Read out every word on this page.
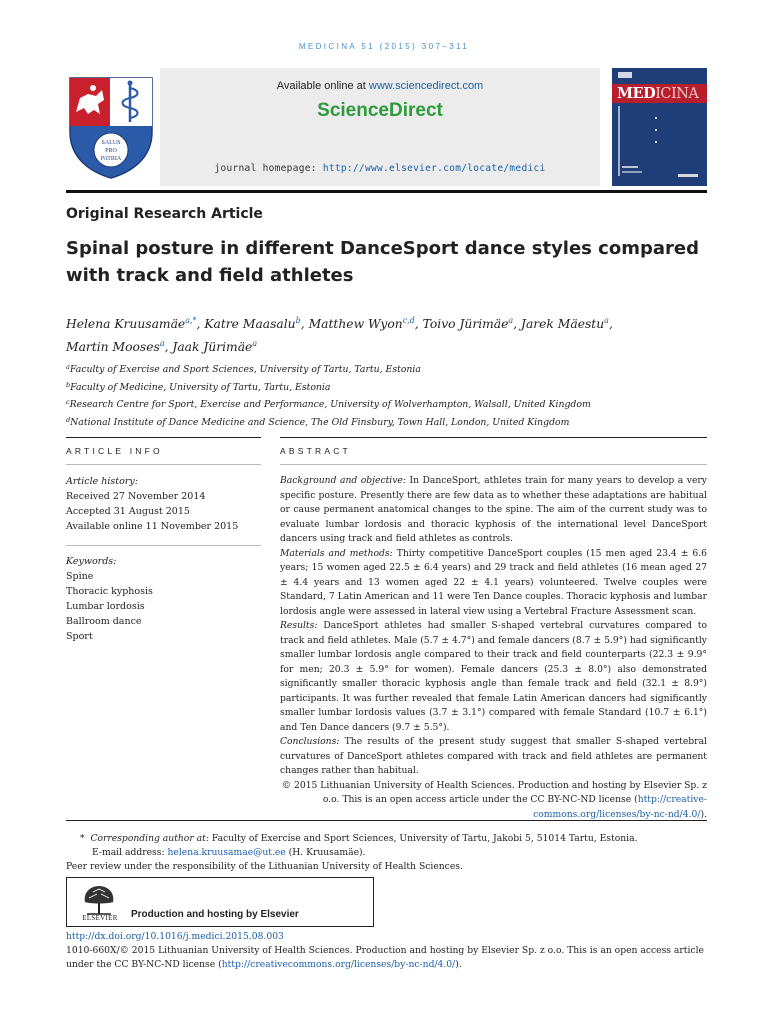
MEDICINA 51 (2015) 307–311
SALUS
PRO
PATRIA
Available online at www.sciencedirect.com
ScienceDirect
journal homepage: http://www.elsevier.com/locate/medici
MEDICINA
Original Research Article
Spinal posture in different DanceSport dance styles compared with track and field athletes
Helena Kruusamäe$^{a,*}$, Katre Maasalu$^b$, Matthew Wyon$^{c,d}$, Toivo Jürimäe$^a$, Jarek Mäestu$^a$,
Martin Mooses$^a$, Jaak Jürimäe$^a$
$^a$Faculty of Exercise and Sport Sciences, University of Tartu, Tartu, Estonia
$^b$Faculty of Medicine, University of Tartu, Tartu, Estonia
$^c$Research Centre for Sport, Exercise and Performance, University of Wolverhampton, Walsall, United Kingdom
$^d$National Institute of Dance Medicine and Science, The Old Finsbury, Town Hall, London, United Kingdom
ARTICLE INFO	ABSTRACT
Article history:
Received 27 November 2014
Accepted 31 August 2015
Available online 11 November 2015
Keywords:
Spine
Thoracic kyphosis
Lumbar lordosis
Ballroom dance
Sport

Background and objective: In DanceSport, athletes train for many years to develop a very specific posture. Presently there are few data as to whether these adaptations are habitual or cause permanent anatomical changes to the spine. The aim of the current study was to evaluate lumbar lordosis and thoracic kyphosis of the international level DanceSport dancers using track and field athletes as controls.

Materials and methods: Thirty competitive DanceSport couples (15 men aged 23.4 ± 6.6 years; 15 women aged 22.5 ± 6.4 years) and 29 track and field athletes (16 mean aged 27 ± 4.4 years and 13 women aged 22 ± 4.1 years) volunteered. Twelve couples were Standard, 7 Latin American and 11 were Ten Dance couples. Thoracic kyphosis and lumbar lordosis angle were assessed in lateral view using a Vertebral Fracture Assessment scan.

Results: DanceSport athletes had smaller S-shaped vertebral curvatures compared to track and field athletes. Male (5.7 ± 4.7°) and female dancers (8.7 ± 5.9°) had significantly smaller lumbar lordosis angle compared to their track and field counterparts (22.3 ± 9.9° for men; 20.3 ± 5.9° for women). Female dancers (25.3 ± 8.0°) also demonstrated significantly smaller thoracic kyphosis angle than female track and field (32.1 ± 8.9°) participants. It was further revealed that female Latin American dancers had significantly smaller lumbar lordosis values (3.7 ± 3.1°) compared with female Standard (10.7 ± 6.1°) and Ten Dance dancers (9.7 ± 5.5°).

Conclusions: The results of the present study suggest that smaller S-shaped vertebral curvatures of DanceSport athletes compared with track and field athletes are permanent changes rather than habitual.

© 2015 Lithuanian University of Health Sciences. Production and hosting by Elsevier Sp. z o.o. This is an open access article under the CC BY-NC-ND license (http://creative-
commons.org/licenses/by-nc-nd/4.0/).

*  Corresponding author at: Faculty of Exercise and Sport Sciences, University of Tartu, Jakobi 5, 51014 Tartu, Estonia.
E-mail address: helena.kruusamae@ut.ee (H. Kruusamäe).
Peer review under the responsibility of the Lithuanian University of Health Sciences.
ELSEVIER	Production and hosting by Elsevier
http://dx.doi.org/10.1016/j.medici.2015.08.003
1010-660X/© 2015 Lithuanian University of Health Sciences. Production and hosting by Elsevier Sp. z o.o. This is an open access article under the CC BY-NC-ND license (http://creativecommons.org/licenses/by-nc-nd/4.0/).
